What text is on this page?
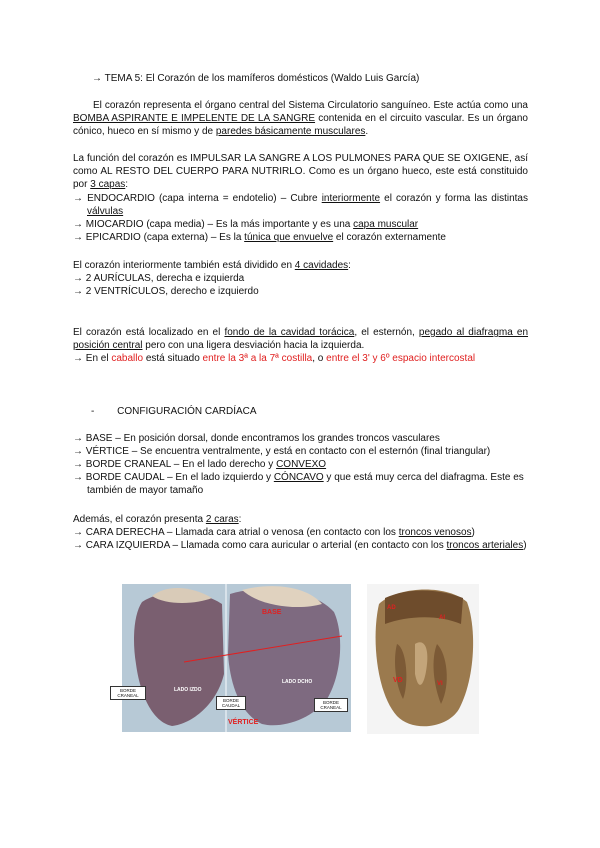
→ TEMA 5: El Corazón de los mamíferos domésticos (Waldo Luis García)

El corazón representa el órgano central del Sistema Circulatorio sanguíneo. Este actúa como una BOMBA ASPIRANTE E IMPELENTE DE LA SANGRE contenida en el circuito vascular. Es un órgano cónico, hueco en sí mismo y de paredes básicamente musculares.

La función del corazón es IMPULSAR LA SANGRE A LOS PULMONES PARA QUE SE OXIGENE, así como AL RESTO DEL CUERPO PARA NUTRIRLO. Como es un órgano hueco, este está constituido por 3 capas:

→ ENDOCARDIO (capa interna = endotelio) – Cubre interiormente el corazón y forma las distintas válvulas

→ MIOCARDIO (capa media) – Es la más importante y es una capa muscular

→ EPICARDIO (capa externa) – Es la túnica que envuelve el corazón externamente

El corazón interiormente también está dividido en 4 cavidades:

→ 2 AURÍCULAS, derecha e izquierda

→ 2 VENTRÍCULOS, derecho e izquierdo

El corazón está localizado en el fondo de la cavidad torácica, el esternón, pegado al diafragma en posición central pero con una ligera desviación hacia la izquierda.

→ En el caballo está situado entre la 3ª a la 7ª costilla, o entre el 3' y 6º espacio intercostal

- CONFIGURACIÓN CARDÍACA

→ BASE – En posición dorsal, donde encontramos los grandes troncos vasculares

→ VÉRTICE – Se encuentra ventralmente, y está en contacto con el esternón (final triangular)

→ BORDE CRANEAL – En el lado derecho y CONVEXO

→ BORDE CAUDAL – En el lado izquierdo y CÓNCAVO y que está muy cerca del diafragma. Este es también de mayor tamaño

Además, el corazón presenta 2 caras:

→ CARA DERECHA – Llamada cara atrial o venosa (en contacto con los troncos venosos)

→ CARA IZQUIERDA – Llamada como cara auricular o arterial (en contacto con los troncos arteriales)

BASE
VÉRTICE
LADO IZDO
LADO DCHO
BORDE CRANEAL
BORDE CAUDAL
BORDE CRANEAL
AD
AI
VD	VI
